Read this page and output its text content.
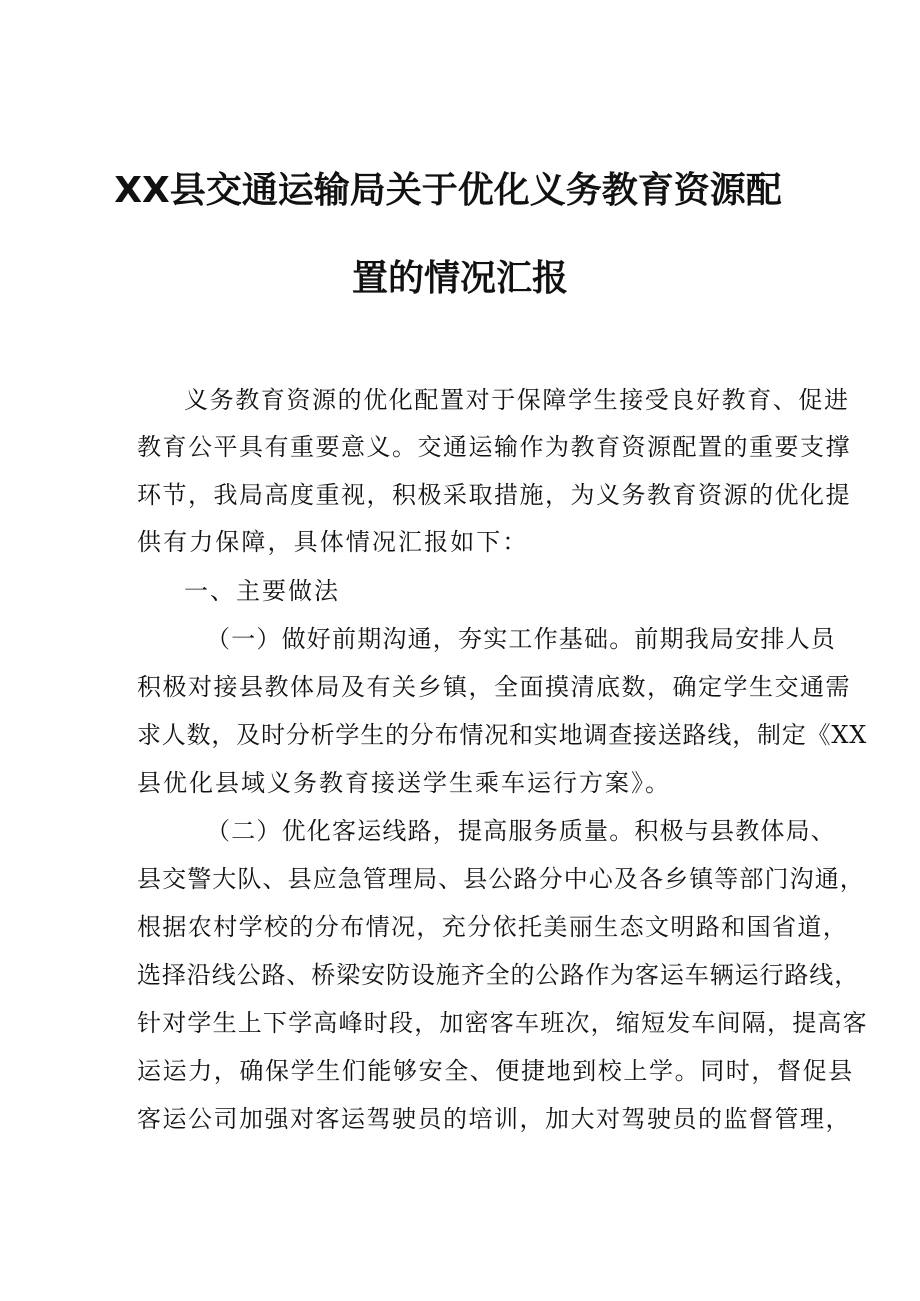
XX县交通运输局关于优化义务教育资源配
置的情况汇报
义务教育资源的优化配置对于保障学生接受良好教育、促进
教育公平具有重要意义。交通运输作为教育资源配置的重要支撑
环节，我局高度重视，积极采取措施，为义务教育资源的优化提
供有力保障，具体情况汇报如下：
一、主要做法
（一）做好前期沟通，夯实工作基础。前期我局安排人员
积极对接县教体局及有关乡镇，全面摸清底数，确定学生交通需
求人数，及时分析学生的分布情况和实地调查接送路线，制定《XX
县优化县域义务教育接送学生乘车运行方案》。
（二）优化客运线路，提高服务质量。积极与县教体局、
县交警大队、县应急管理局、县公路分中心及各乡镇等部门沟通，
根据农村学校的分布情况，充分依托美丽生态文明路和国省道，
选择沿线公路、桥梁安防设施齐全的公路作为客运车辆运行路线，
针对学生上下学高峰时段，加密客车班次，缩短发车间隔，提高客
运运力，确保学生们能够安全、便捷地到校上学。同时，督促县
客运公司加强对客运驾驶员的培训，加大对驾驶员的监督管理，
